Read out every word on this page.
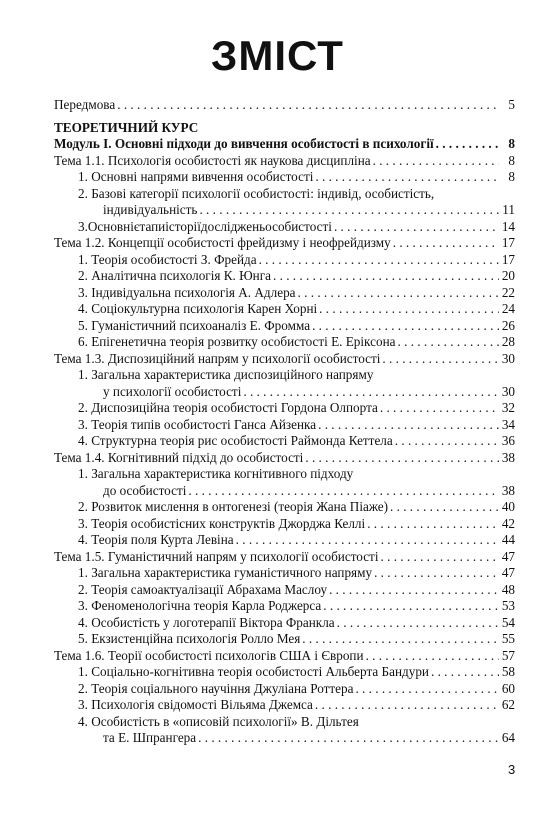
ЗМІСТ
Передмова . . .	5
ТЕОРЕТИЧНИЙ КУРС
Модуль І. Основні підходи до вивчення особистості в психології . . .	8
Тема 1.1. Психологія особистості як наукова дисципліна . . .	8
1. Основні напрями вивчення особистості . . .	8
2. Базові категорії психології особистості: індивід, особистість,
індивідуальність . . .	11
3.Основнієтапиісторiїдослідженьособистості . . .	14
Тема 1.2. Концепції особистості фрейдизму і неофрейдизму . . .	17
1. Теорія особистості З. Фрейда . . .	17
2. Аналітична психологія К. Юнга . . .	20
3. Індивідуальна психологія А. Адлера . . .	22
4. Соціокультурна психологія Карен Хорні . . .	24
5. Гуманістичний психоаналіз Е. Фромма . . .	26
6. Епігенетична теорія розвитку особистості Е. Еріксона . . .	28
Тема 1.3. Диспозиційний напрям у психології особистості . . .	30
1. Загальна характеристика диспозиційного напряму
у психології особистості . . .	30
2. Диспозиційна теорія особистості Гордона Олпорта . . .	32
3. Теорія типів особистості Ганса Айзенка . . .	34
4. Структурна теорія рис особистості Раймонда Кеттела . . .	36
Тема 1.4. Когнітивний підхід до особистості . . .	38
1. Загальна характеристика когнітивного підходу
до особистості . . .	38
2. Розвиток мислення в онтогенезі (теорія Жана Піаже) . . .	40
3. Теорія особистісних конструктів Джорджа Келлі . . .	42
4. Теорія поля Курта Левіна . . .	44
Тема 1.5. Гуманістичний напрям у психології особистості . . .	47
1. Загальна характеристика гуманістичного напряму . . .	47
2. Теорія самоактуалізації Абрахама Маслоу . . .	48
3. Феноменологічна теорія Карла Роджерса . . .	53
4. Особистість у логотерапії Віктора Франкла . . .	54
5. Екзистенційна психологія Ролло Мея . . .	55
Тема 1.6. Теорії особистості психологів США і Європи . . .	57
1. Соціально-когнітивна теорія особистості Альберта Бандури . . .	58
2. Теорія соціального научіння Джуліана Роттера . . .	60
3. Психологія свідомості Вільяма Джемса . . .	62
4. Особистість в «описовій психології» В. Дільтея
та Е. Шпрангера . . .	64
3
